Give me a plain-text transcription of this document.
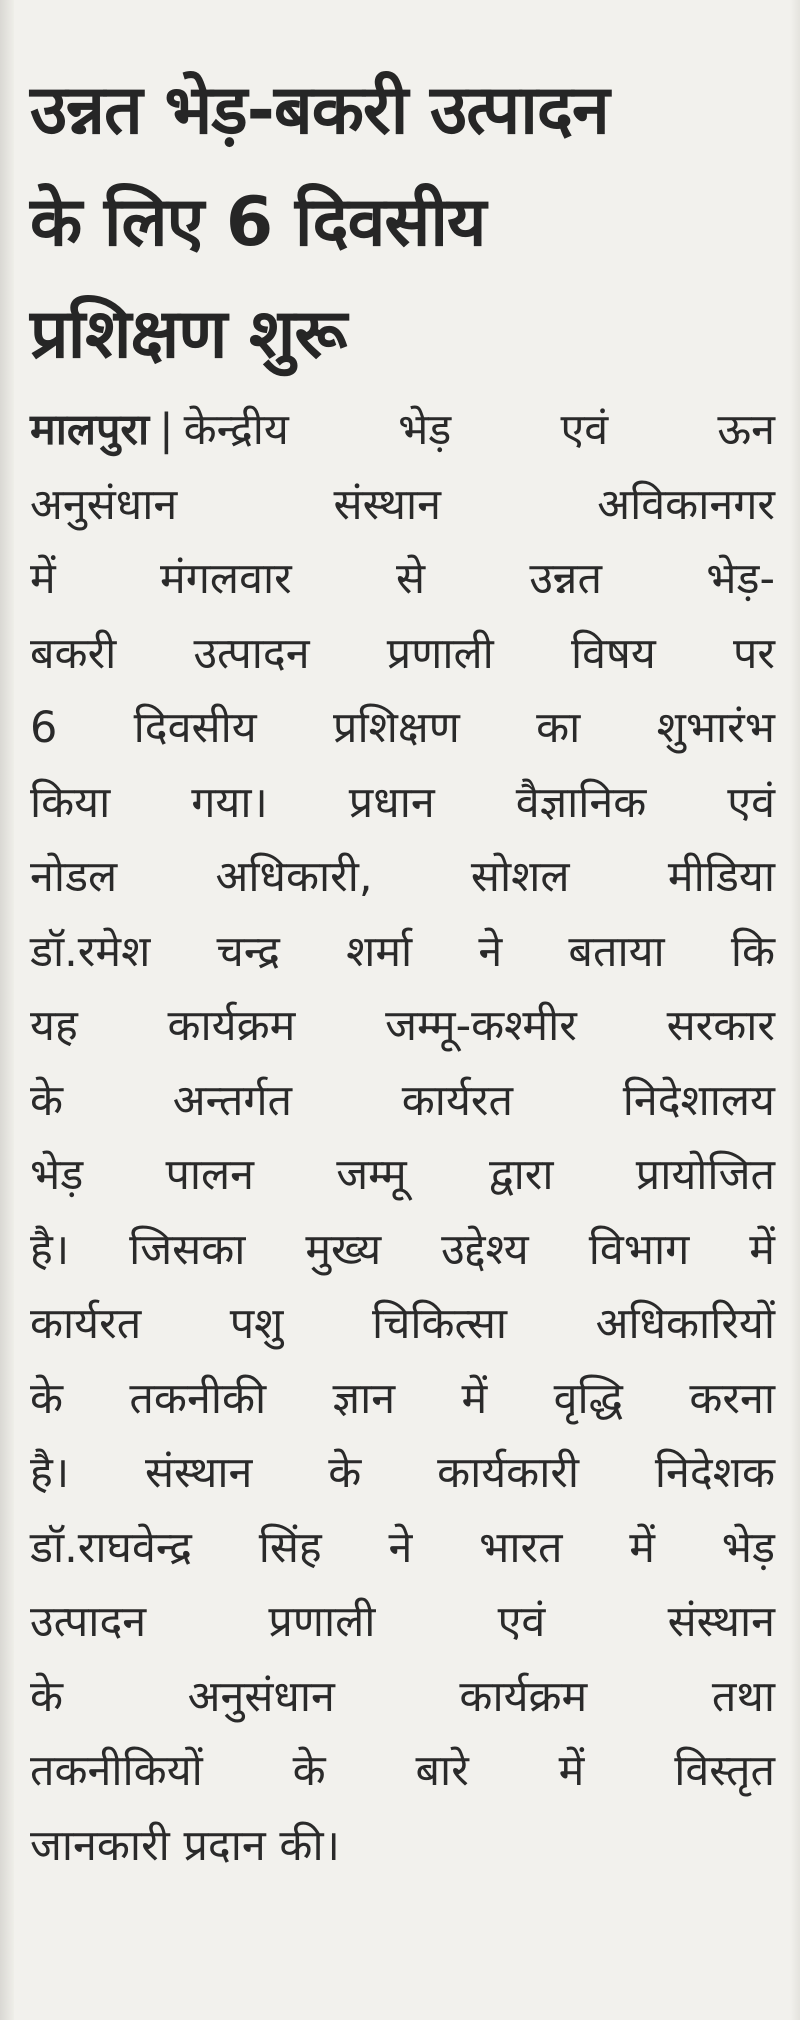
उन्नत भेड़-बकरी उत्पादन
के लिए 6 दिवसीय
प्रशिक्षण शुरू
मालपुरा | केन्द्रीय भेड़ एवं ऊन
अनुसंधान संस्थान अविकानगर
में मंगलवार से उन्नत भेड़-
बकरी उत्पादन प्रणाली विषय पर
6 दिवसीय प्रशिक्षण का शुभारंभ
किया गया। प्रधान वैज्ञानिक एवं
नोडल अधिकारी, सोशल मीडिया
डॉ.रमेश चन्द्र शर्मा ने बताया कि
यह कार्यक्रम जम्मू-कश्मीर सरकार
के अन्तर्गत कार्यरत निदेशालय
भेड़ पालन जम्मू द्वारा प्रायोजित
है। जिसका मुख्य उद्देश्य विभाग में
कार्यरत पशु चिकित्सा अधिकारियों
के तकनीकी ज्ञान में वृद्धि करना
है। संस्थान के कार्यकारी निदेशक
डॉ.राघवेन्द्र सिंह ने भारत में भेड़
उत्पादन प्रणाली एवं संस्थान
के अनुसंधान कार्यक्रम तथा
तकनीकियों के बारे में विस्तृत
जानकारी प्रदान की।
